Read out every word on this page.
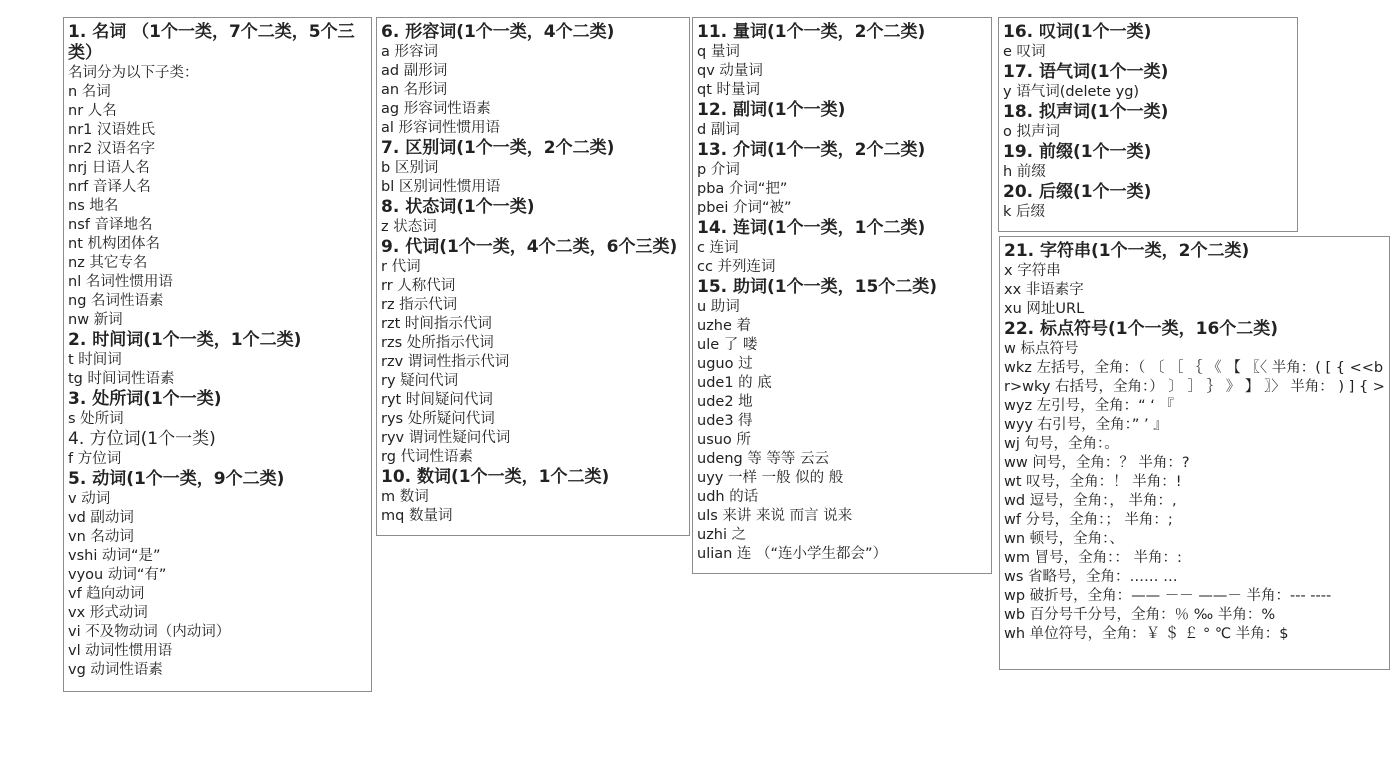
1. 名词 （1个一类，7个二类，5个三类）
名词分为以下子类：
n 名词
nr 人名
nr1 汉语姓氏
nr2 汉语名字
nrj 日语人名
nrf 音译人名
ns 地名
nsf 音译地名
nt 机构团体名
nz 其它专名
nl 名词性惯用语
ng 名词性语素
nw 新词
2. 时间词(1个一类，1个二类)
t 时间词
tg 时间词性语素
3. 处所词(1个一类)
s 处所词
4. 方位词(1个一类)
f 方位词
5. 动词(1个一类，9个二类)
v 动词
vd 副动词
vn 名动词
vshi 动词“是”
vyou 动词“有”
vf 趋向动词
vx 形式动词
vi 不及物动词（内动词）
vl 动词性惯用语
vg 动词性语素
6. 形容词(1个一类，4个二类)
a 形容词
ad 副形词
an 名形词
ag 形容词性语素
al 形容词性惯用语
7. 区别词(1个一类，2个二类)
b 区别词
bl 区别词性惯用语
8. 状态词(1个一类)
z 状态词
9. 代词(1个一类，4个二类，6个三类)
r 代词
rr 人称代词
rz 指示代词
rzt 时间指示代词
rzs 处所指示代词
rzv 谓词性指示代词
ry 疑问代词
ryt 时间疑问代词
rys 处所疑问代词
ryv 谓词性疑问代词
rg 代词性语素
10. 数词(1个一类，1个二类)
m 数词
mq 数量词
11. 量词(1个一类，2个二类)
q 量词
qv 动量词
qt 时量词
12. 副词(1个一类)
d 副词
13. 介词(1个一类，2个二类)
p 介词
pba 介词“把”
pbei 介词“被”
14. 连词(1个一类，1个二类)
c 连词
cc 并列连词
15. 助词(1个一类，15个二类)
u 助词
uzhe 着
ule 了 喽
uguo 过
ude1 的 底
ude2 地
ude3 得
usuo 所
udeng 等 等等 云云
uyy 一样 一般 似的 般
udh 的话
uls 来讲 来说 而言 说来
uzhi 之
ulian 连 （“连小学生都会”）
16. 叹词(1个一类)
e 叹词
17. 语气词(1个一类)
y 语气词(delete yg)
18. 拟声词(1个一类)
o 拟声词
19. 前缀(1个一类)
h 前缀
20. 后缀(1个一类)
k 后缀
21. 字符串(1个一类，2个二类)
x 字符串
xx 非语素字
xu 网址URL
22. 标点符号(1个一类，16个二类)
w 标点符号
wkz 左括号，全角：（ 〔 ［ ｛ 《 【 〖〈 半角：( [ { <<br>wky 右括号，全角：） 〕 ］ ｝ 》 】 〗〉 半角： ) ] { >
wyz 左引号，全角：“ ‘ 『
wyy 右引号，全角：” ’ 』
wj 句号，全角：。
ww 问号，全角：？ 半角：?
wt 叹号，全角：！ 半角：!
wd 逗号，全角：， 半角：,
wf 分号，全角：； 半角：;
wn 顿号，全角：、
wm 冒号，全角：： 半角：:
ws 省略号，全角：…… …
wp 破折号，全角：—— －－ ——－ 半角：--- ----
wb 百分号千分号，全角：％ ‰ 半角：%
wh 单位符号，全角：￥ ＄ ￡ ° ℃ 半角：$
